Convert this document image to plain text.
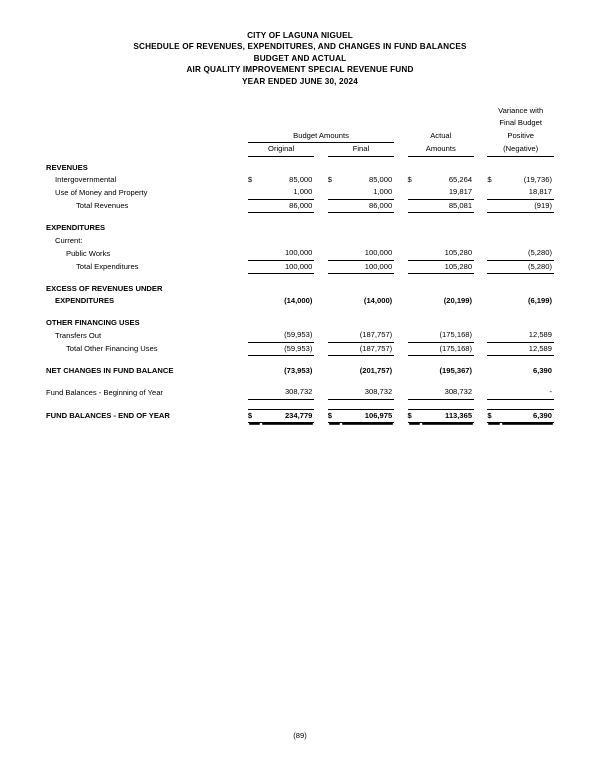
CITY OF LAGUNA NIGUEL
SCHEDULE OF REVENUES, EXPENDITURES, AND CHANGES IN FUND BALANCES
BUDGET AND ACTUAL
AIR QUALITY IMPROVEMENT SPECIAL REVENUE FUND
YEAR ENDED JUNE 30, 2024
										Variance with	
										Final Budget	
	Budget Amounts						Actual			Positive	
	Original			Final			Amounts			(Negative)	

REVENUES											
Intergovernmental	$	85,000		$	85,000		$	65,264		$	(19,736)
Use of Money and Property		1,000			1,000			19,817			18,817
Total Revenues		86,000			86,000			85,081			(919)

EXPENDITURES											
Current:											
Public Works		100,000			100,000			105,280			(5,280)
Total Expenditures		100,000			100,000			105,280			(5,280)

EXCESS OF REVENUES UNDER											
EXPENDITURES		(14,000)			(14,000)			(20,199)			(6,199)

OTHER FINANCING USES											
Transfers Out		(59,953)			(187,757)			(175,168)			12,589
Total Other Financing Uses		(59,953)			(187,757)			(175,168)			12,589

NET CHANGES IN FUND BALANCE		(73,953)			(201,757)			(195,367)			6,390

Fund Balances - Beginning of Year		308,732			308,732			308,732			-

FUND BALANCES - END OF YEAR	$	234,779		$	106,975		$	113,365		$	6,390
(89)
